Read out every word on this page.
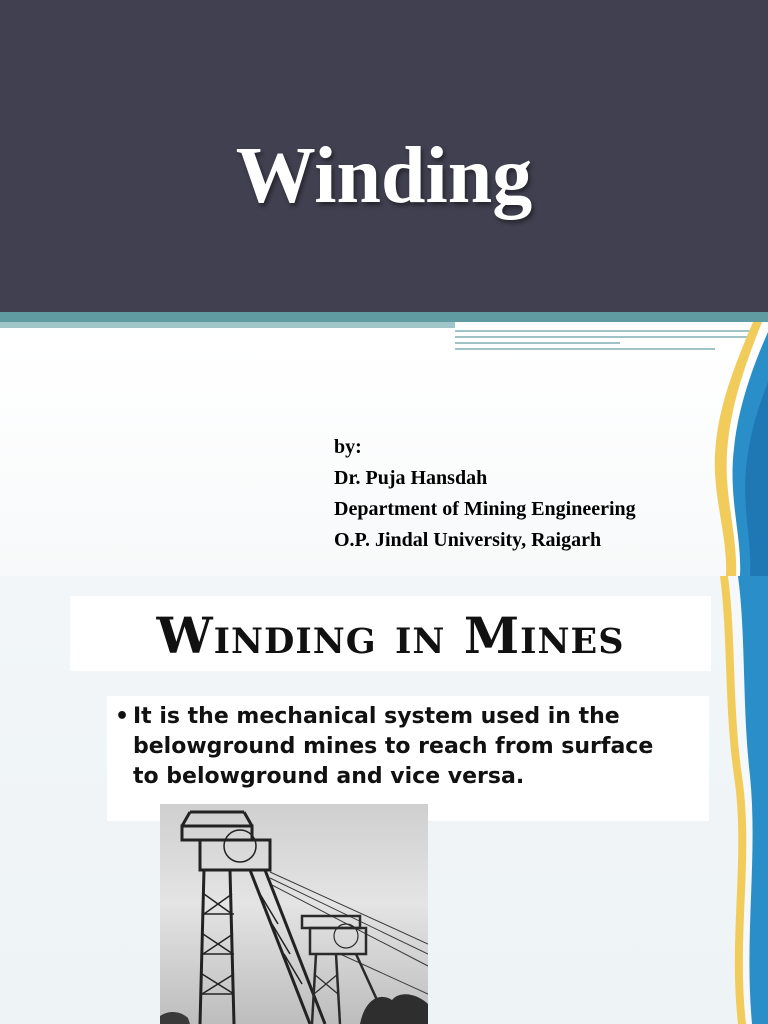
Winding
by:
Dr. Puja Hansdah
Department of Mining Engineering
O.P. Jindal University, Raigarh
Winding in Mines
• It is the mechanical system used in the
belowground mines to reach from surface
to belowground and vice versa.
